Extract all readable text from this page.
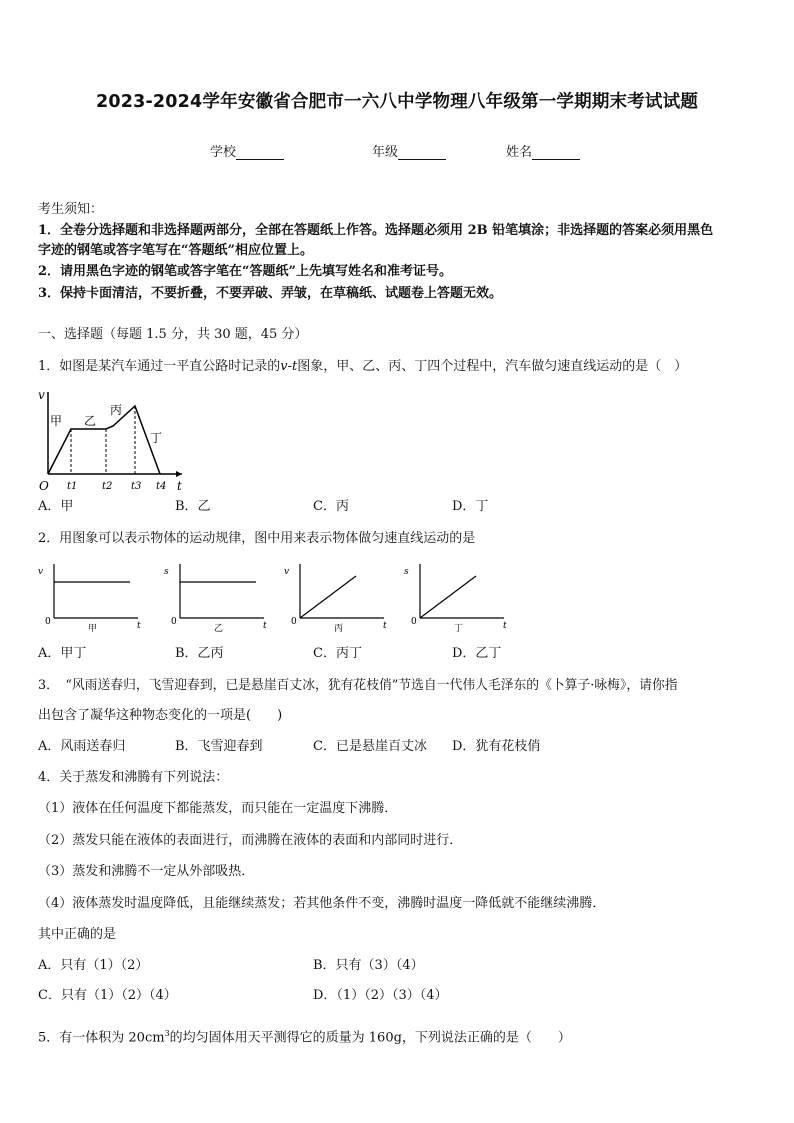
2023-2024学年安徽省合肥市一六八中学物理八年级第一学期期末考试试题
学校	年级	姓名
考生须知：
1．全卷分选择题和非选择题两部分，全部在答题纸上作答。选择题必须用 2B 铅笔填涂；非选择题的答案必须用黑色
字迹的钢笔或答字笔写在“答题纸”相应位置上。
2．请用黑色字迹的钢笔或答字笔在“答题纸”上先填写姓名和准考证号。
3．保持卡面清洁，不要折叠，不要弄破、弄皱，在草稿纸、试题卷上答题无效。
一、选择题（每题 1.5 分，共 30 题，45 分）
1．如图是某汽车通过一平直公路时记录的v-t图象，甲、乙、丙、丁四个过程中，汽车做匀速直线运动的是（　）
v
O	t
甲 乙
丙
丁
t1 t2 t3 t4
A．甲	B．乙	C．丙	D．丁
2．用图象可以表示物体的运动规律，图中用来表示物体做匀速直线运动的是
v
t
0
甲
s
t
0
乙
v
t
0
丙
s
t
0
丁
A．甲丁	B．乙丙	C．丙丁	D．乙丁
3．　“风雨送春归，飞雪迎春到，已是悬崖百丈冰，犹有花枝俏”节选自一代伟人毛泽东的《卜算子·咏梅》，请你指
出包含了凝华这种物态变化的一项是(　　)
A．风雨送春归	B．飞雪迎春到	C．已是悬崖百丈冰 D．犹有花枝俏
4．关于蒸发和沸腾有下列说法：
（1）液体在任何温度下都能蒸发，而只能在一定温度下沸腾．
（2）蒸发只能在液体的表面进行，而沸腾在液体的表面和内部同时进行．
（3）蒸发和沸腾不一定从外部吸热．
（4）液体蒸发时温度降低，且能继续蒸发；若其他条件不变，沸腾时温度一降低就不能继续沸腾．
其中正确的是
A．只有（1）（2）	B．只有（3）（4）
C．只有（1）（2）（4）	D．（1）（2）（3）（4）
5．有一体积为 $20cm^3$的均匀固体用天平测得它的质量为 160g，下列说法正确的是（　　）
